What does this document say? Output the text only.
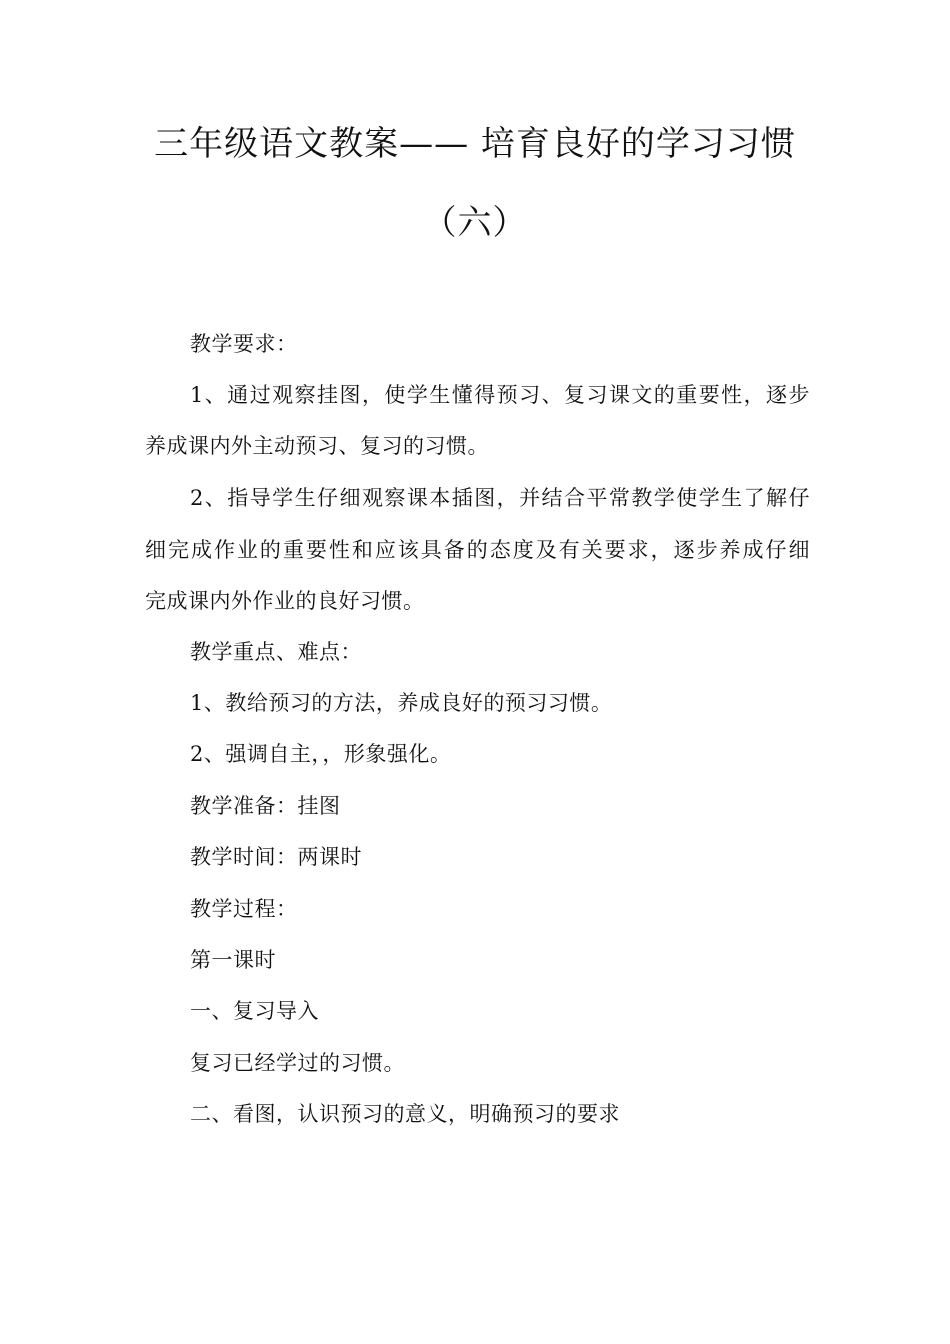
三年级语文教案—— 培育良好的学习习惯
（六）
教学要求：
1、通过观察挂图，使学生懂得预习、复习课文的重要性，逐步
养成课内外主动预习、复习的习惯。
2、指导学生仔细观察课本插图，并结合平常教学使学生了解仔
细完成作业的重要性和应该具备的态度及有关要求，逐步养成仔细
完成课内外作业的良好习惯。
教学重点、难点：
1、教给预习的方法，养成良好的预习习惯。
2、强调自主，，形象强化。
教学准备：挂图
教学时间：两课时
教学过程：
第一课时
一、复习导入
复习已经学过的习惯。
二、看图，认识预习的意义，明确预习的要求
